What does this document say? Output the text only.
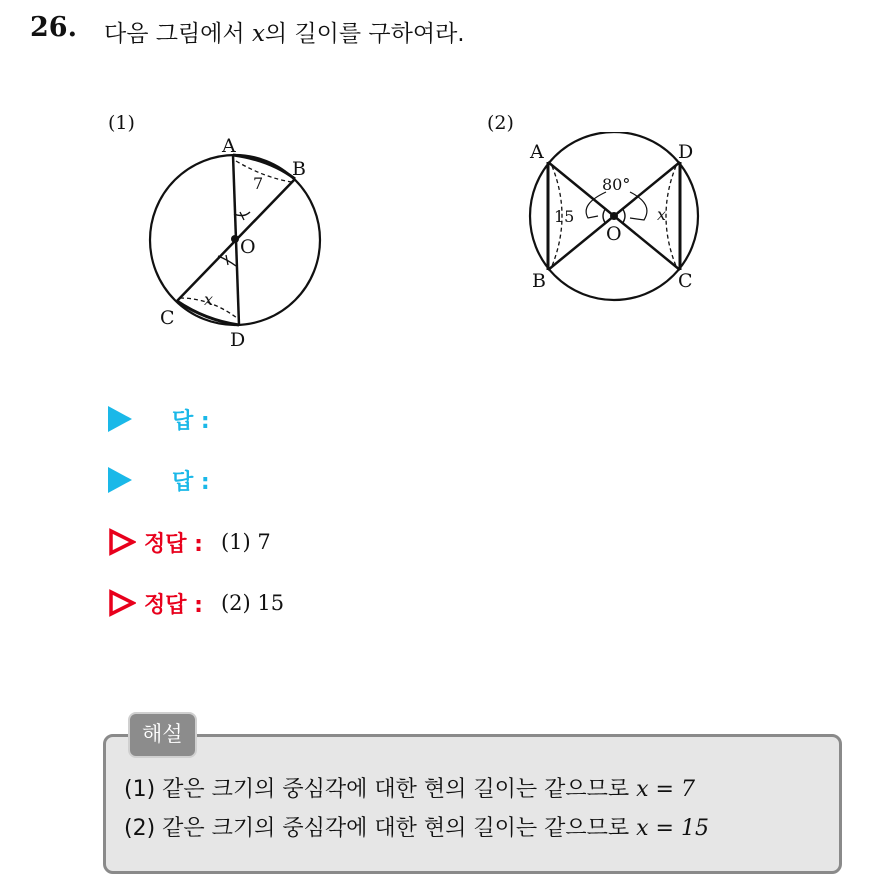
26. 다음 그림에서 x의 길이를 구하여라.
(1)
A
B
C
D
O
7
x
(2)
A
B	C
D
O
80°
15	x
답 :
답 :
정답 : (1) 7
정답 : (2) 15
해설
(1) 같은 크기의 중심각에 대한 현의 길이는 같으므로 x = 7
(2) 같은 크기의 중심각에 대한 현의 길이는 같으므로 x = 15
